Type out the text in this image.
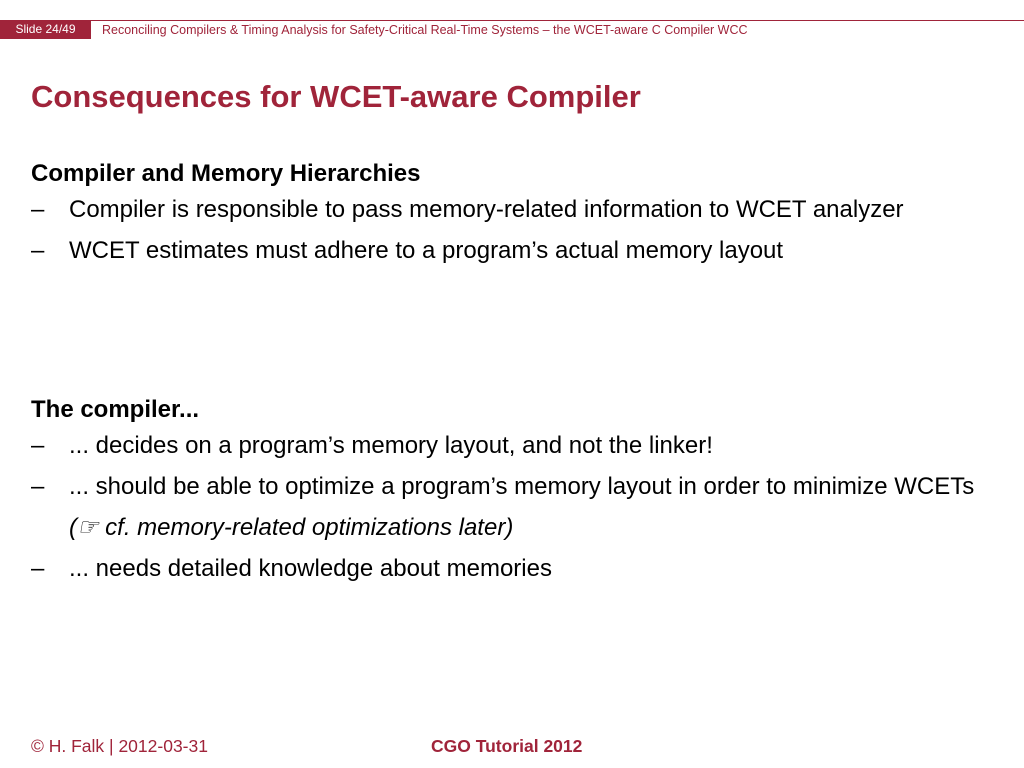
Slide 24/49	Reconciling Compilers & Timing Analysis for Safety-Critical Real-Time Systems – the WCET-aware C Compiler WCC
Consequences for WCET-aware Compiler
Compiler and Memory Hierarchies
– Compiler is responsible to pass memory-related information to WCET analyzer
– WCET estimates must adhere to a program’s actual memory layout
The compiler...
– ... decides on a program’s memory layout, and not the linker!
– ... should be able to optimize a program’s memory layout in order to minimize WCETs (☞ cf. memory-related optimizations later)
– ... needs detailed knowledge about memories
© H. Falk | 2012-03-31	CGO Tutorial 2012
